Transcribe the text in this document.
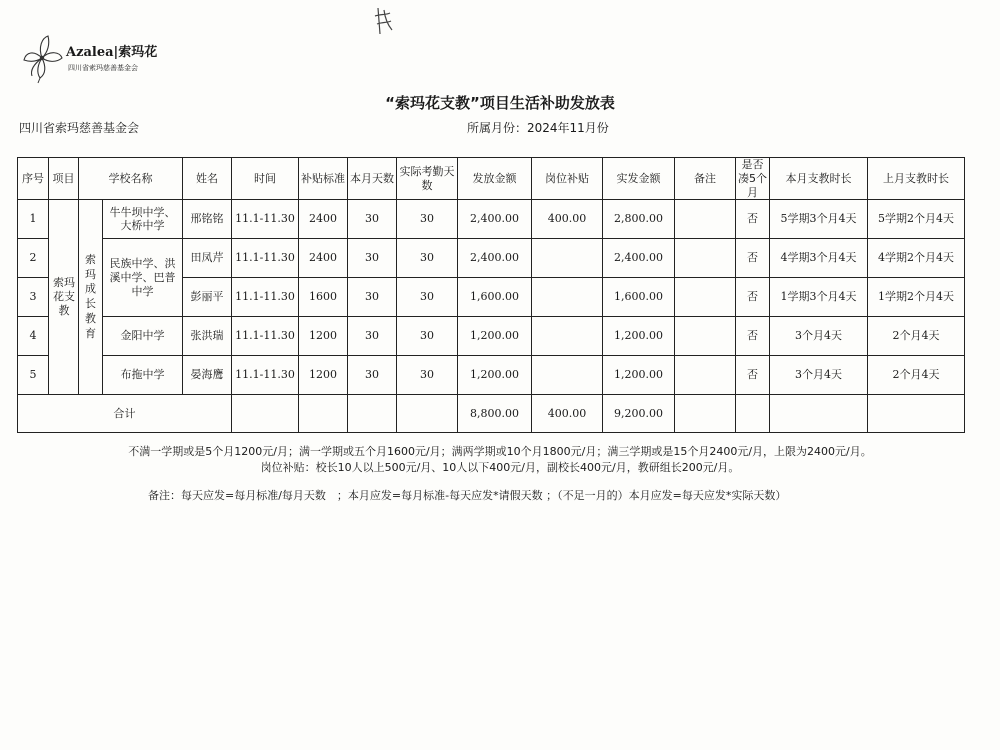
Azalea|索玛花
四川省索玛慈善基金会
“索玛花支教”项目生活补助发放表
四川省索玛慈善基金会	所属月份：2024年11月份
序号	项目	学校名称		姓名	时间	补贴标准	本月天数	实际考勤天数	发放金额	岗位补贴	实发金额	备注	是否凑5个月	本月支教时长	上月支教时长
1	索玛花支教	索玛成长教育	牛牛坝中学、大桥中学	邢铭铭	11.1-11.30	2400	30	30	2,400.00	400.00	2,800.00		否	5学期3个月4天	5学期2个月4天
2			民族中学、洪溪中学、巴普中学	田凤芹	11.1-11.30	2400	30	30	2,400.00		2,400.00		否	4学期3个月4天	4学期2个月4天
3				彭丽平	11.1-11.30	1600	30	30	1,600.00		1,600.00		否	1学期3个月4天	1学期2个月4天
4			金阳中学	张洪瑞	11.1-11.30	1200	30	30	1,200.00		1,200.00		否	3个月4天	2个月4天
5			布拖中学	晏海鹰	11.1-11.30	1200	30	30	1,200.00		1,200.00		否	3个月4天	2个月4天
合计									8,800.00	400.00	9,200.00				
不满一学期或是5个月1200元/月；满一学期或五个月1600元/月；满两学期或10个月1800元/月；满三学期或是15个月2400元/月，上限为2400元/月。
岗位补贴：校长10人以上500元/月、10人以下400元/月，副校长400元/月，教研组长200元/月。
备注：每天应发=每月标准/每月天数　；本月应发=每月标准-每天应发*请假天数 ；（不足一月的）本月应发=每天应发*实际天数）
